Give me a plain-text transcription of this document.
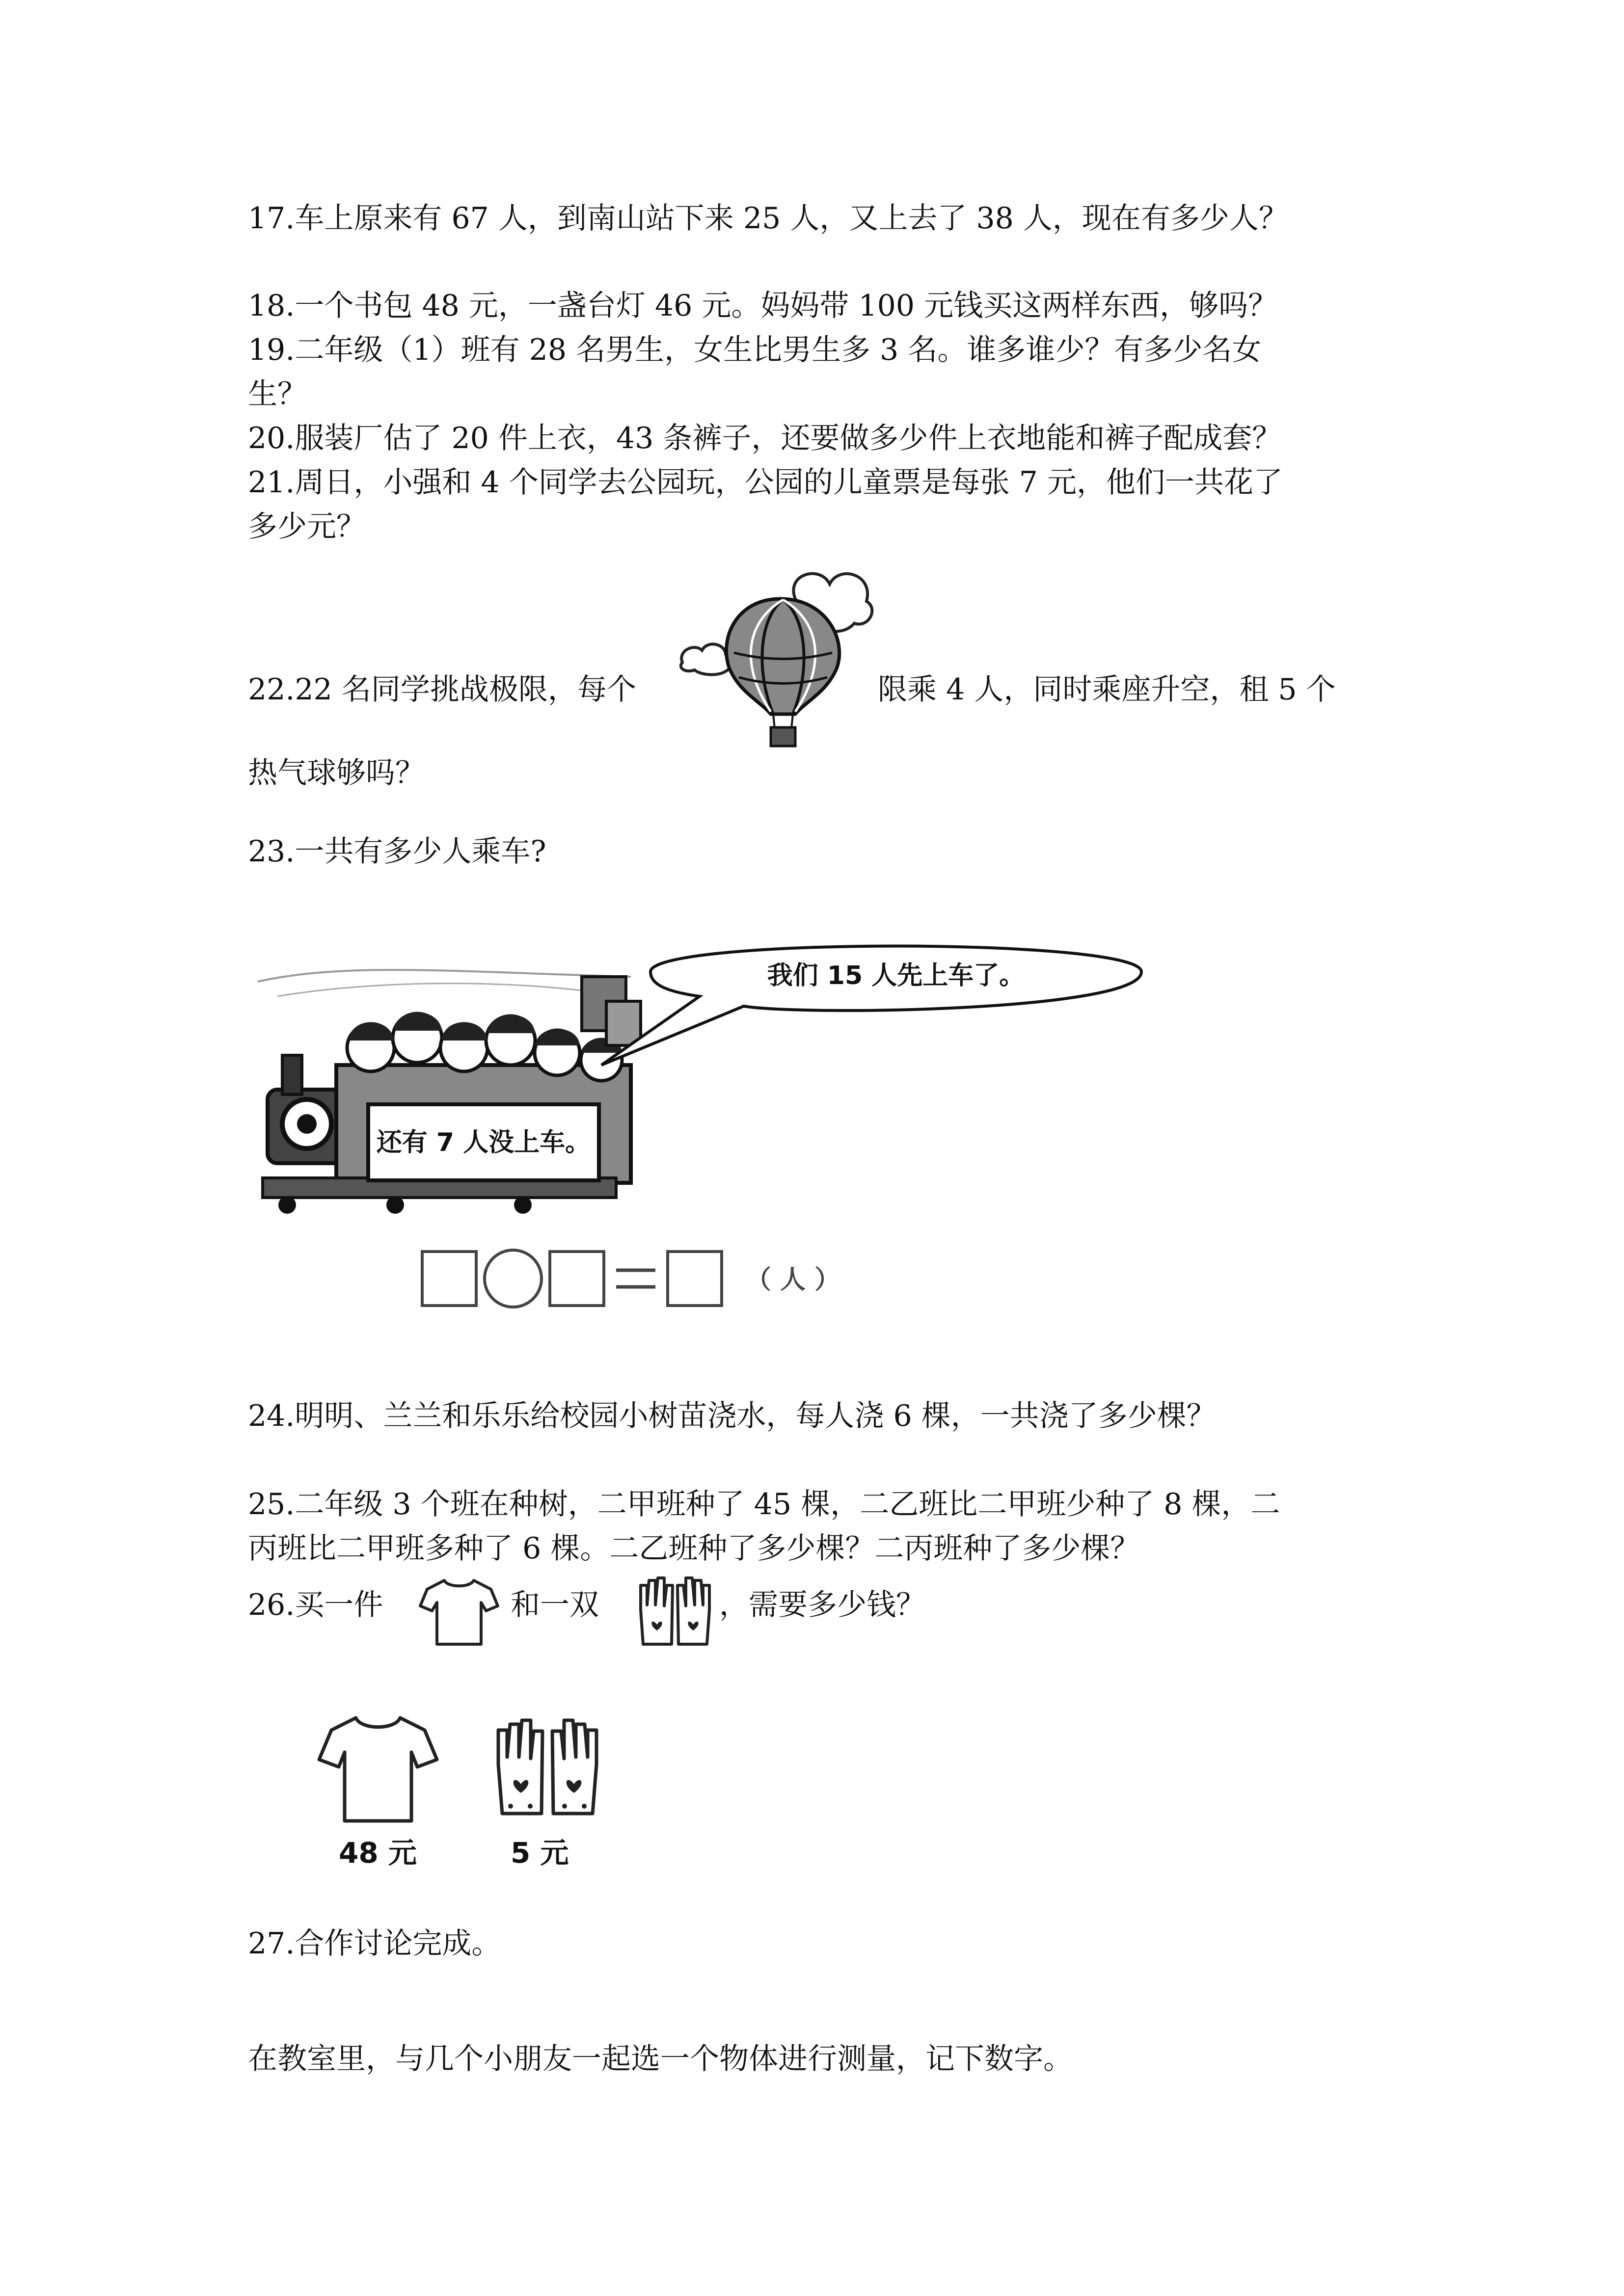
17.车上原来有 67 人，到南山站下来 25 人，又上去了 38 人，现在有多少人？
18.一个书包 48 元，一盏台灯 46 元。妈妈带 100 元钱买这两样东西，够吗？
19.二年级（1）班有 28 名男生，女生比男生多 3 名。谁多谁少？有多少名女
生？
20.服装厂估了 20 件上衣，43 条裤子，还要做多少件上衣地能和裤子配成套？
21.周日，小强和 4 个同学去公园玩，公园的儿童票是每张 7 元，他们一共花了
多少元？
22.22 名同学挑战极限，每个	限乘 4 人，同时乘座升空，租 5 个
热气球够吗？
23.一共有多少人乘车?
还有 7 人没上车。
我们 15 人先上车了。
（ 人 ）
24.明明、兰兰和乐乐给校园小树苗浇水，每人浇 6 棵，一共浇了多少棵？
25.二年级 3 个班在种树，二甲班种了 45 棵，二乙班比二甲班少种了 8 棵，二
丙班比二甲班多种了 6 棵。二乙班种了多少棵？二丙班种了多少棵？
26.买一件	和一双	，需要多少钱？
48 元	5 元
27.合作讨论完成。
在教室里，与几个小朋友一起选一个物体进行测量，记下数字。
